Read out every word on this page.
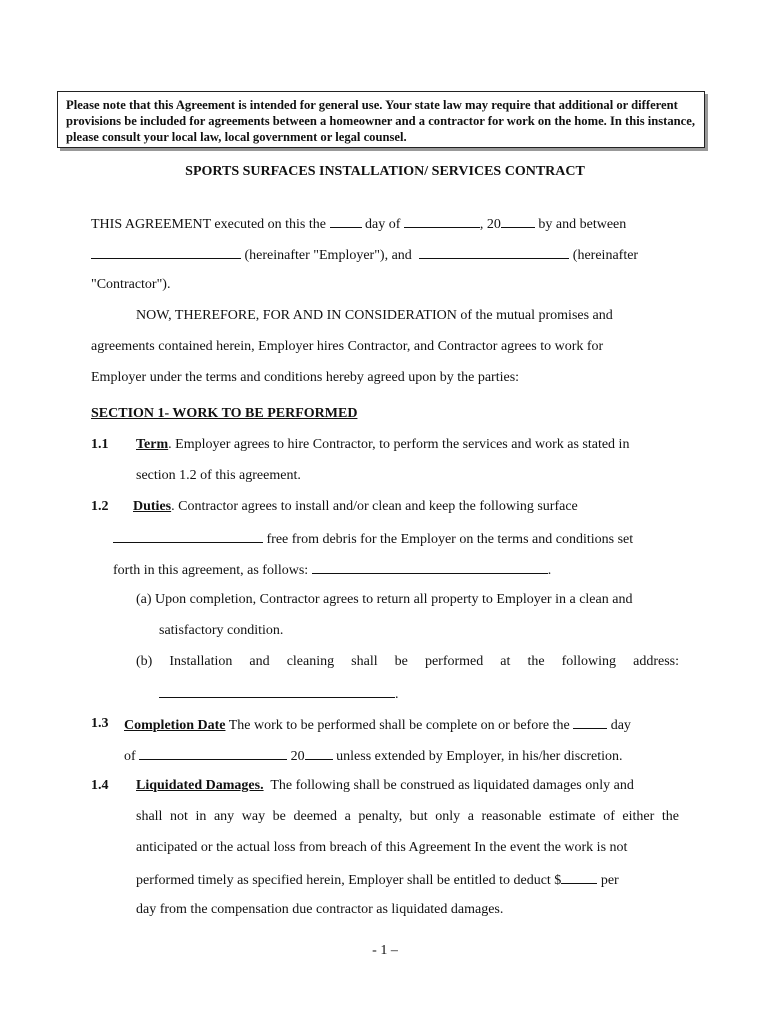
Please note that this Agreement is intended for general use. Your state law may require that additional or different provisions be included for agreements between a homeowner and a contractor for work on the home. In this instance, please consult your local law, local government or legal counsel.
SPORTS SURFACES INSTALLATION/ SERVICES CONTRACT
THIS AGREEMENT executed on this the	day of	, 20	by and between
(hereinafter "Employer"), and	(hereinafter
"Contractor").
NOW, THEREFORE, FOR AND IN CONSIDERATION of the mutual promises and
agreements contained herein, Employer hires Contractor, and Contractor agrees to work for
Employer under the terms and conditions hereby agreed upon by the parties:
SECTION 1- WORK TO BE PERFORMED
1.1 Term. Employer agrees to hire Contractor, to perform the services and work as stated in
section 1.2 of this agreement.
1.2 Duties. Contractor agrees to install and/or clean and keep the following surface
free from debris for the Employer on the terms and conditions set
forth in this agreement, as follows:	.
(a) Upon completion, Contractor agrees to return all property to Employer in a clean and
satisfactory condition.
(b) Installation and cleaning shall be performed at the following address:
.
1.3 Completion Date The work to be performed shall be complete on or before the	day
of	20 unless extended by Employer, in his/her discretion.
1.4 Liquidated Damages. The following shall be construed as liquidated damages only and
shall not in any way be deemed a penalty, but only a reasonable estimate of either the
anticipated or the actual loss from breach of this Agreement In the event the work is not
performed timely as specified herein, Employer shall be entitled to deduct $	per
day from the compensation due contractor as liquidated damages.
- 1 –
